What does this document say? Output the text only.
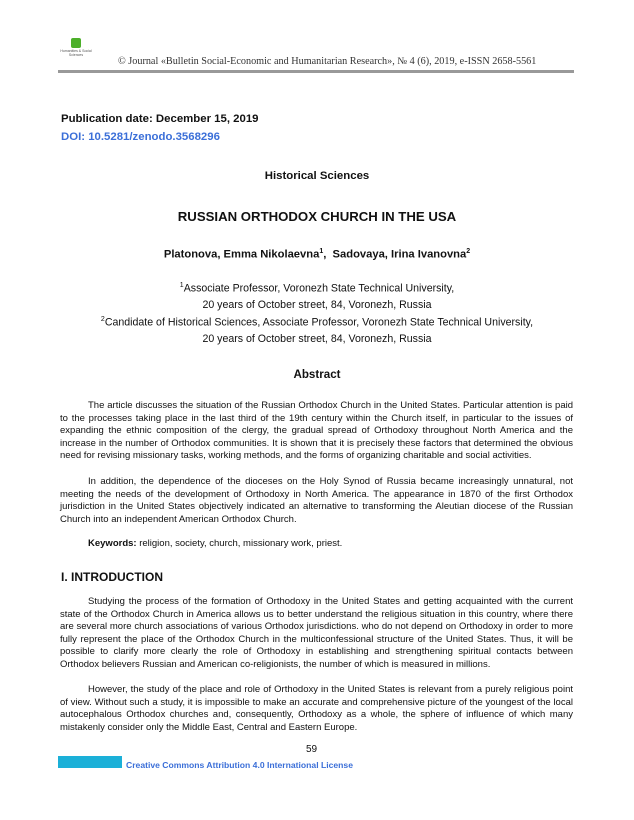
Humanities & Social Sciences
© Journal «Bulletin Social-Economic and Humanitarian Research», № 4 (6), 2019, e-ISSN 2658-5561
Publication date: December 15, 2019
DOI: 10.5281/zenodo.3568296
Historical Sciences
RUSSIAN ORTHODOX CHURCH IN THE USA
Platonova, Emma Nikolaevna$^1$,  Sadovaya, Irina Ivanovna$^2$
$^1$Associate Professor, Voronezh State Technical University,
20 years of October street, 84, Voronezh, Russia
$^2$Candidate of Historical Sciences, Associate Professor, Voronezh State Technical University,
20 years of October street, 84, Voronezh, Russia
Abstract
The article discusses the situation of the Russian Orthodox Church in the United States. Particular attention is paid to the processes taking place in the last third of the 19th century within the Church itself, in particular to the issues of expanding the ethnic composition of the clergy, the gradual spread of Orthodoxy throughout North America and the increase in the number of Orthodox communities. It is shown that it is precisely these factors that determined the obvious need for revising missionary tasks, working methods, and the forms of organizing charitable and social activities.
In addition, the dependence of the dioceses on the Holy Synod of Russia became increasingly unnatural, not meeting the needs of the development of Orthodoxy in North America. The appearance in 1870 of the first Orthodox jurisdiction in the United States objectively indicated an alternative to transforming the Aleutian diocese of the Russian Church into an independent American Orthodox Church.
Keywords: religion, society, church, missionary work, priest.
I. INTRODUCTION
Studying the process of the formation of Orthodoxy in the United States and getting acquainted with the current state of the Orthodox Church in America allows us to better understand the religious situation in this country, where there are several more church associations of various Orthodox jurisdictions. who do not depend on Orthodoxy in order to more fully represent the place of the Orthodox Church in the multiconfessional structure of the United States. Thus, it will be possible to clarify more clearly the role of Orthodoxy in establishing and strengthening spiritual contacts between Orthodox believers Russian and American co-religionists, the number of which is measured in millions.
However, the study of the place and role of Orthodoxy in the United States is relevant from a purely religious point of view. Without such a study, it is impossible to make an accurate and comprehensive picture of the youngest of the local autocephalous Orthodox churches and, consequently, Orthodoxy as a whole, the sphere of influence of which many mistakenly consider only the Middle East, Central and Eastern Europe.
59
Creative Commons Attribution 4.0 International License
